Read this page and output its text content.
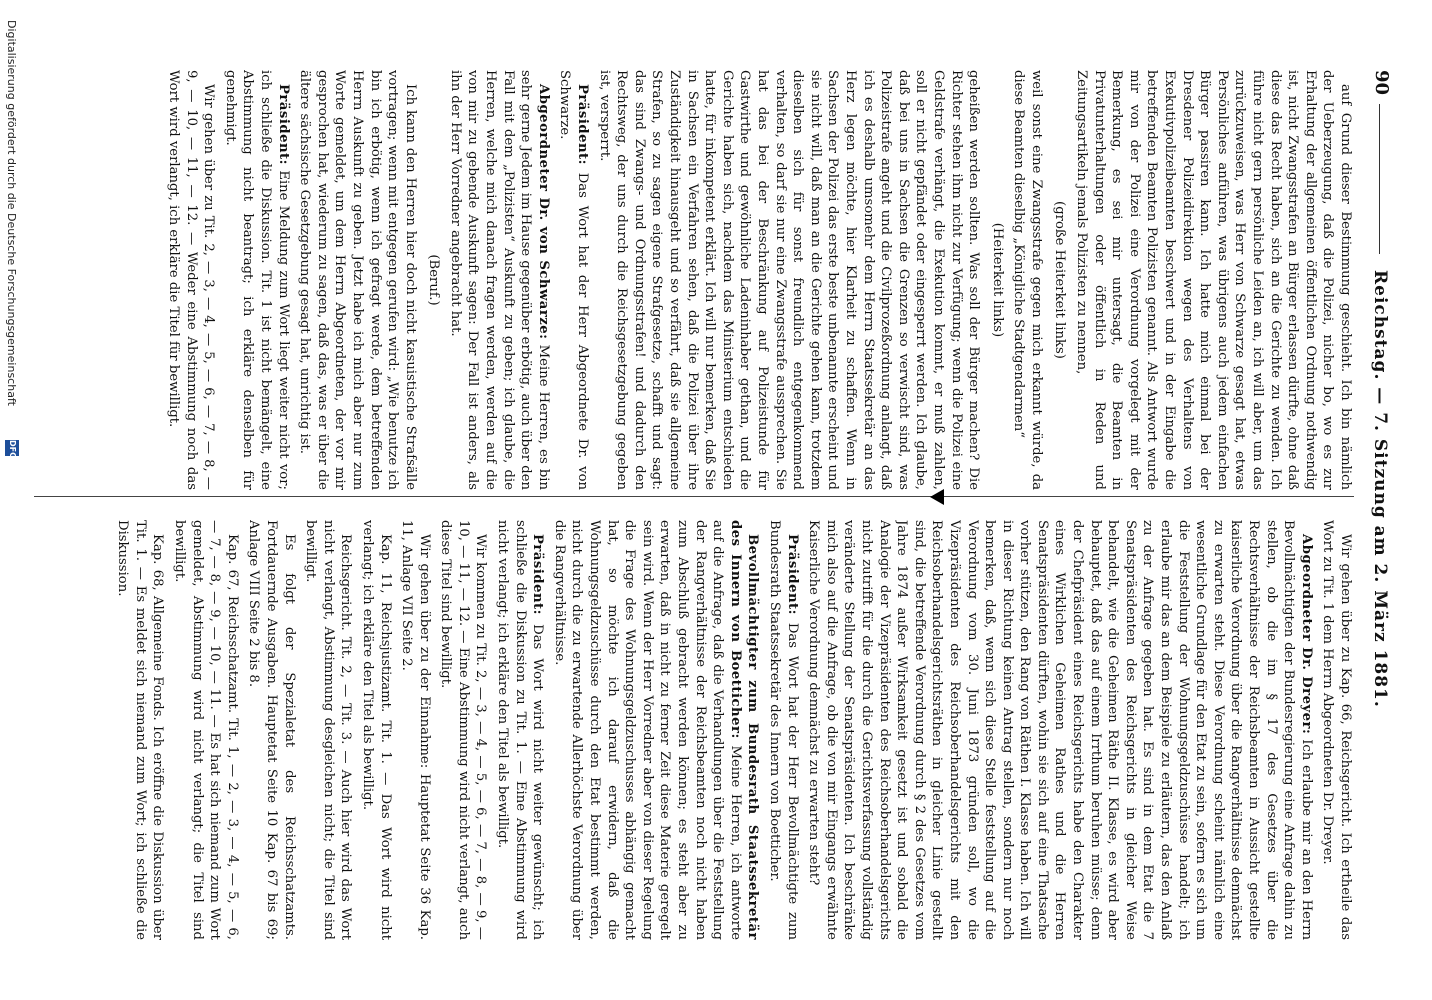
90
Reichstag. — 7. Sitzung am 2. März 1881.

auf Grund dieser Bestimmung geschieht. Ich bin nämlich der Ueberzeugung, daß die Polizei, nicher bo, wo es zur Erhaltung der allgemeinen öffentlichen Ordnung nothwendig ist, nicht Zwangsstrafen an Bürger erlassen dürfte, ohne daß diese das Recht haben, sich an die Gerichte zu wenden. Ich führe nicht gern persönliche Leiden an, ich will aber, um das zurückzuweisen, was Herr von Schwarze gesagt hat, etwas Persönliches anführen, was übrigens auch jedem einfachen Bürger passiren kann. Ich hatte mich einmal bei der Dresdener Polizeidirektion wegen des Verhaltens von Exekutivpolizeibeamten beschwert und in der Eingabe die betreffenden Beamten Polizisten genannt. Als Antwort wurde mir von der Polizei eine Verordnung vorgelegt mit der Bemerkung, es sei mir untersagt, die Beamten in Privatunterhaltungen oder öffentlich in Reden und Zeitungsartikeln jemals Polizisten zu nennen,

(große Heiterkeit links)

weil sonst eine Zwangsstrafe gegen mich erkannt würde, da diese Beamten dieselbig „Königliche Stadtgendarmen“

(Heiterkeit links)

geheißen werden sollten. Was soll der Bürger machen? Die Richter stehen ihm nicht zur Verfügung; wenn die Polizei eine Geldstrafe verhängt, die Exekution kommt, er muß zahlen, soll er nicht gepfändet oder eingesperrt werden. Ich glaube, daß bei uns in Sachsen die Grenzen so verwischt sind, was Polizeistrafe angeht und die Civilprozeßordnung anlangt, daß ich es deshalb umsomehr dem Herrn Staatssekretär an das Herz legen möchte, hier Klarheit zu schaffen. Wenn in Sachsen der Polizei das erste beste unbenannte erscheint und sie nicht will, daß man an die Gerichte gehen kann, trotzdem dieselben sich für sonst freundlich entgegenkommend verhalten, so darf sie nur eine Zwangsstrafe aussprechen. Sie hat das bei der Beschränkung auf Polizeistunde für Gastwirthe und gewöhnliche Ladeninhaber gethan, und die Gerichte haben sich, nachdem das Ministerium entschieden hatte, für inkompetent erklärt. Ich will nur bemerken, daß Sie in Sachsen ein Verfahren sehen, daß die Polizei über ihre Zuständigkeit hinausgeht und so verfährt, daß sie allgemeine Strafen, so zu sagen eigene Strafgesetze, schafft und sagt: das sind Zwangs- und Ordnungsstrafen! und dadurch den Rechtsweg, der uns durch die Reichsgesetzgebung gegeben ist, versperrt.

Präsident: Das Wort hat der Herr Abgeordnete Dr. von Schwarze.

Abgeordneter Dr. von Schwarze: Meine Herren, es bin sehr gerne Jedem im Hause gegenüber erbötig, auch über den Fall mit dem „Polizisten“ Auskunft zu geben; ich glaube, die Herren, welche mich danach fragen werden, werden auf die von mir zu gebende Auskunft sagen: Der Fall ist anders, als ihn der Herr Vorredner angebracht hat.

(Beruf.)

Ich kann den Herren hier doch nicht kasuistische Strafsälle vortragen; wenn mit entgegen gerufen wird: „Wie benutze ich bin ich erbötig, wenn ich gefragt werde, dem betreffenden Herrn Auskunft zu geben. Jetzt habe ich mich aber nur zum Worte gemeldet, um dem Herrn Abgeordneten, der vor mir gesprochen hat, wiederum zu sagen, daß das, was er über die ältere sächsische Gesetzgebung gesagt hat, unrichtig ist.

Präsident: Eine Meldung zum Wort liegt weiter nicht vor; ich schließe die Diskussion. Tit. 1 ist nicht bemängelt, eine Abstimmung nicht beantragt; ich erkläre denselben für genehmigt.

Wir gehen über zu Tit. 2, — 3, — 4, — 5, — 6, — 7, — 8, — 9, — 10, — 11, — 12. — Weder eine Abstimmung noch das Wort wird verlangt, ich erkläre die Titel für bewilligt.

Wir gehen über zu Kap. 66, Reichsgericht. Ich ertheile das Wort zu Tit. 1 dem Herrn Abgeordneten Dr. Dreyer.

Abgeordneter Dr. Dreyer: Ich erlaube mir an den Herrn Bevollmächtigten der Bundesregierung eine Anfrage dahin zu stellen, ob die im § 17 des Gesetzes über die Rechtsverhältnisse der Reichsbeamten in Aussicht gestellte kaiserliche Verordnung über die Rangverhältnisse demnächst zu erwarten steht. Diese Verordnung scheint nämlich eine wesentliche Grundlage für den Etat zu sein, sofern es sich um die Feststellung der Wohnungsgeldzuschüsse handelt; ich erlaube mir das an dem Beispiele zu erläutern, das den Anlaß zu der Anfrage gegeben hat. Es sind in dem Etat die 7 Senatspräsidenten des Reichsgerichts in gleicher Weise behandelt, wie die Geheimen Räthe II. Klasse, es wird aber behauptet, daß das auf einem Irrthum beruhen müsse; denn der Chefpräsident eines Reichsgerichts habe den Charakter eines Wirklichen Geheimen Rathes und die Herren Senatspräsidenten dürften, wohin sie sich auf eine Thatsache vorher stützen, den Rang von Räthen I. Klasse haben. Ich will in dieser Richtung keinen Antrag stellen, sondern nur noch bemerken, daß, wenn sich diese Stelle feststellung auf die Verordnung vom 30. Juni 1873 gründen soll, wo die Vizepräsidenten des Reichsoberhandelsgerichts mit den Reichsoberhandelsgerichtsräthen in gleicher Linie gestellt sind, die betreffende Verordnung durch § 2 des Gesetzes vom Jahre 1874 außer Wirksamkeit gesetzt ist und sobald die Analogie der Vizepräsidenten des Reichsoberhandelsgerichts nicht zutrifft für die durch die Gerichtsverfassung vollständig veränderte Stellung der Senatspräsidenten. Ich beschränke mich also auf die Anfrage, ob die von mir Eingangs erwähnte Kaiserliche Verordnung demnächst zu erwarten steht?

Präsident: Das Wort hat der Herr Bevollmächtigte zum Bundesrath Staatssekretär des Innern von Boetticher.

Bevollmächtigter zum Bundesrath Staatssekretär des Innern von Boetticher: Meine Herren, ich antworte auf die Anfrage, daß die Verhandlungen über die Feststellung der Rangverhältnisse der Reichsbeamten noch nicht haben zum Abschluß gebracht werden können; es steht aber zu erwarten, daß in nicht zu ferner Zeit diese Materie geregelt sein wird. Wenn der Herr Vorredner aber von dieser Regelung die Frage des Wohnungsgeldzuschusses abhängig gemacht hat, so möchte ich darauf erwidern, daß die Wohnungsgeldzuschüsse durch den Etat bestimmt werden, nicht durch die zu erwartende Allerhöchste Verordnung über die Rangverhältnisse.

Präsident: Das Wort wird nicht weiter gewünscht; ich schließe die Diskussion zu Tit. 1. — Eine Abstimmung wird nicht verlangt; ich erkläre den Titel als bewilligt.

Wir kommen zu Tit. 2, — 3, — 4, — 5, — 6, — 7, — 8, — 9, — 10, — 11, — 12. — Eine Abstimmung wird nicht verlangt, auch diese Titel sind bewilligt.

Wir gehen über zu der Einnahme: Hauptetat Seite 36 Kap. 11, Anlage VII Seite 2.

Kap. 11, Reichsjustizamt. Tit. 1. — Das Wort wird nicht verlangt; ich erkläre den Titel als bewilligt.

Reichsgericht. Tit. 2, — Tit. 3. — Auch hier wird das Wort nicht verlangt, Abstimmung desgleichen nicht; die Titel sind bewilligt.

Es folgt der Spezialetat des Reichsschatzamts. Fortdauernde Ausgaben. Hauptetat Seite 10 Kap. 67 bis 69; Anlage VIII Seite 2 bis 8.

Kap. 67, Reichsschatzamt. Tit. 1, — 2, — 3, — 4, — 5, — 6, — 7, — 8, — 9, — 10, — 11. — Es hat sich niemand zum Wort gemeldet, Abstimmung wird nicht verlangt; die Titel sind bewilligt.

Kap. 68, Allgemeine Fonds. Ich eröffne die Diskussion über Tit. 1. — Es meldet sich niemand zum Wort; ich schließe die Diskussion.

Digitalisierung gefördert durch die Deutsche Forschungsgemeinschaft
DFG
